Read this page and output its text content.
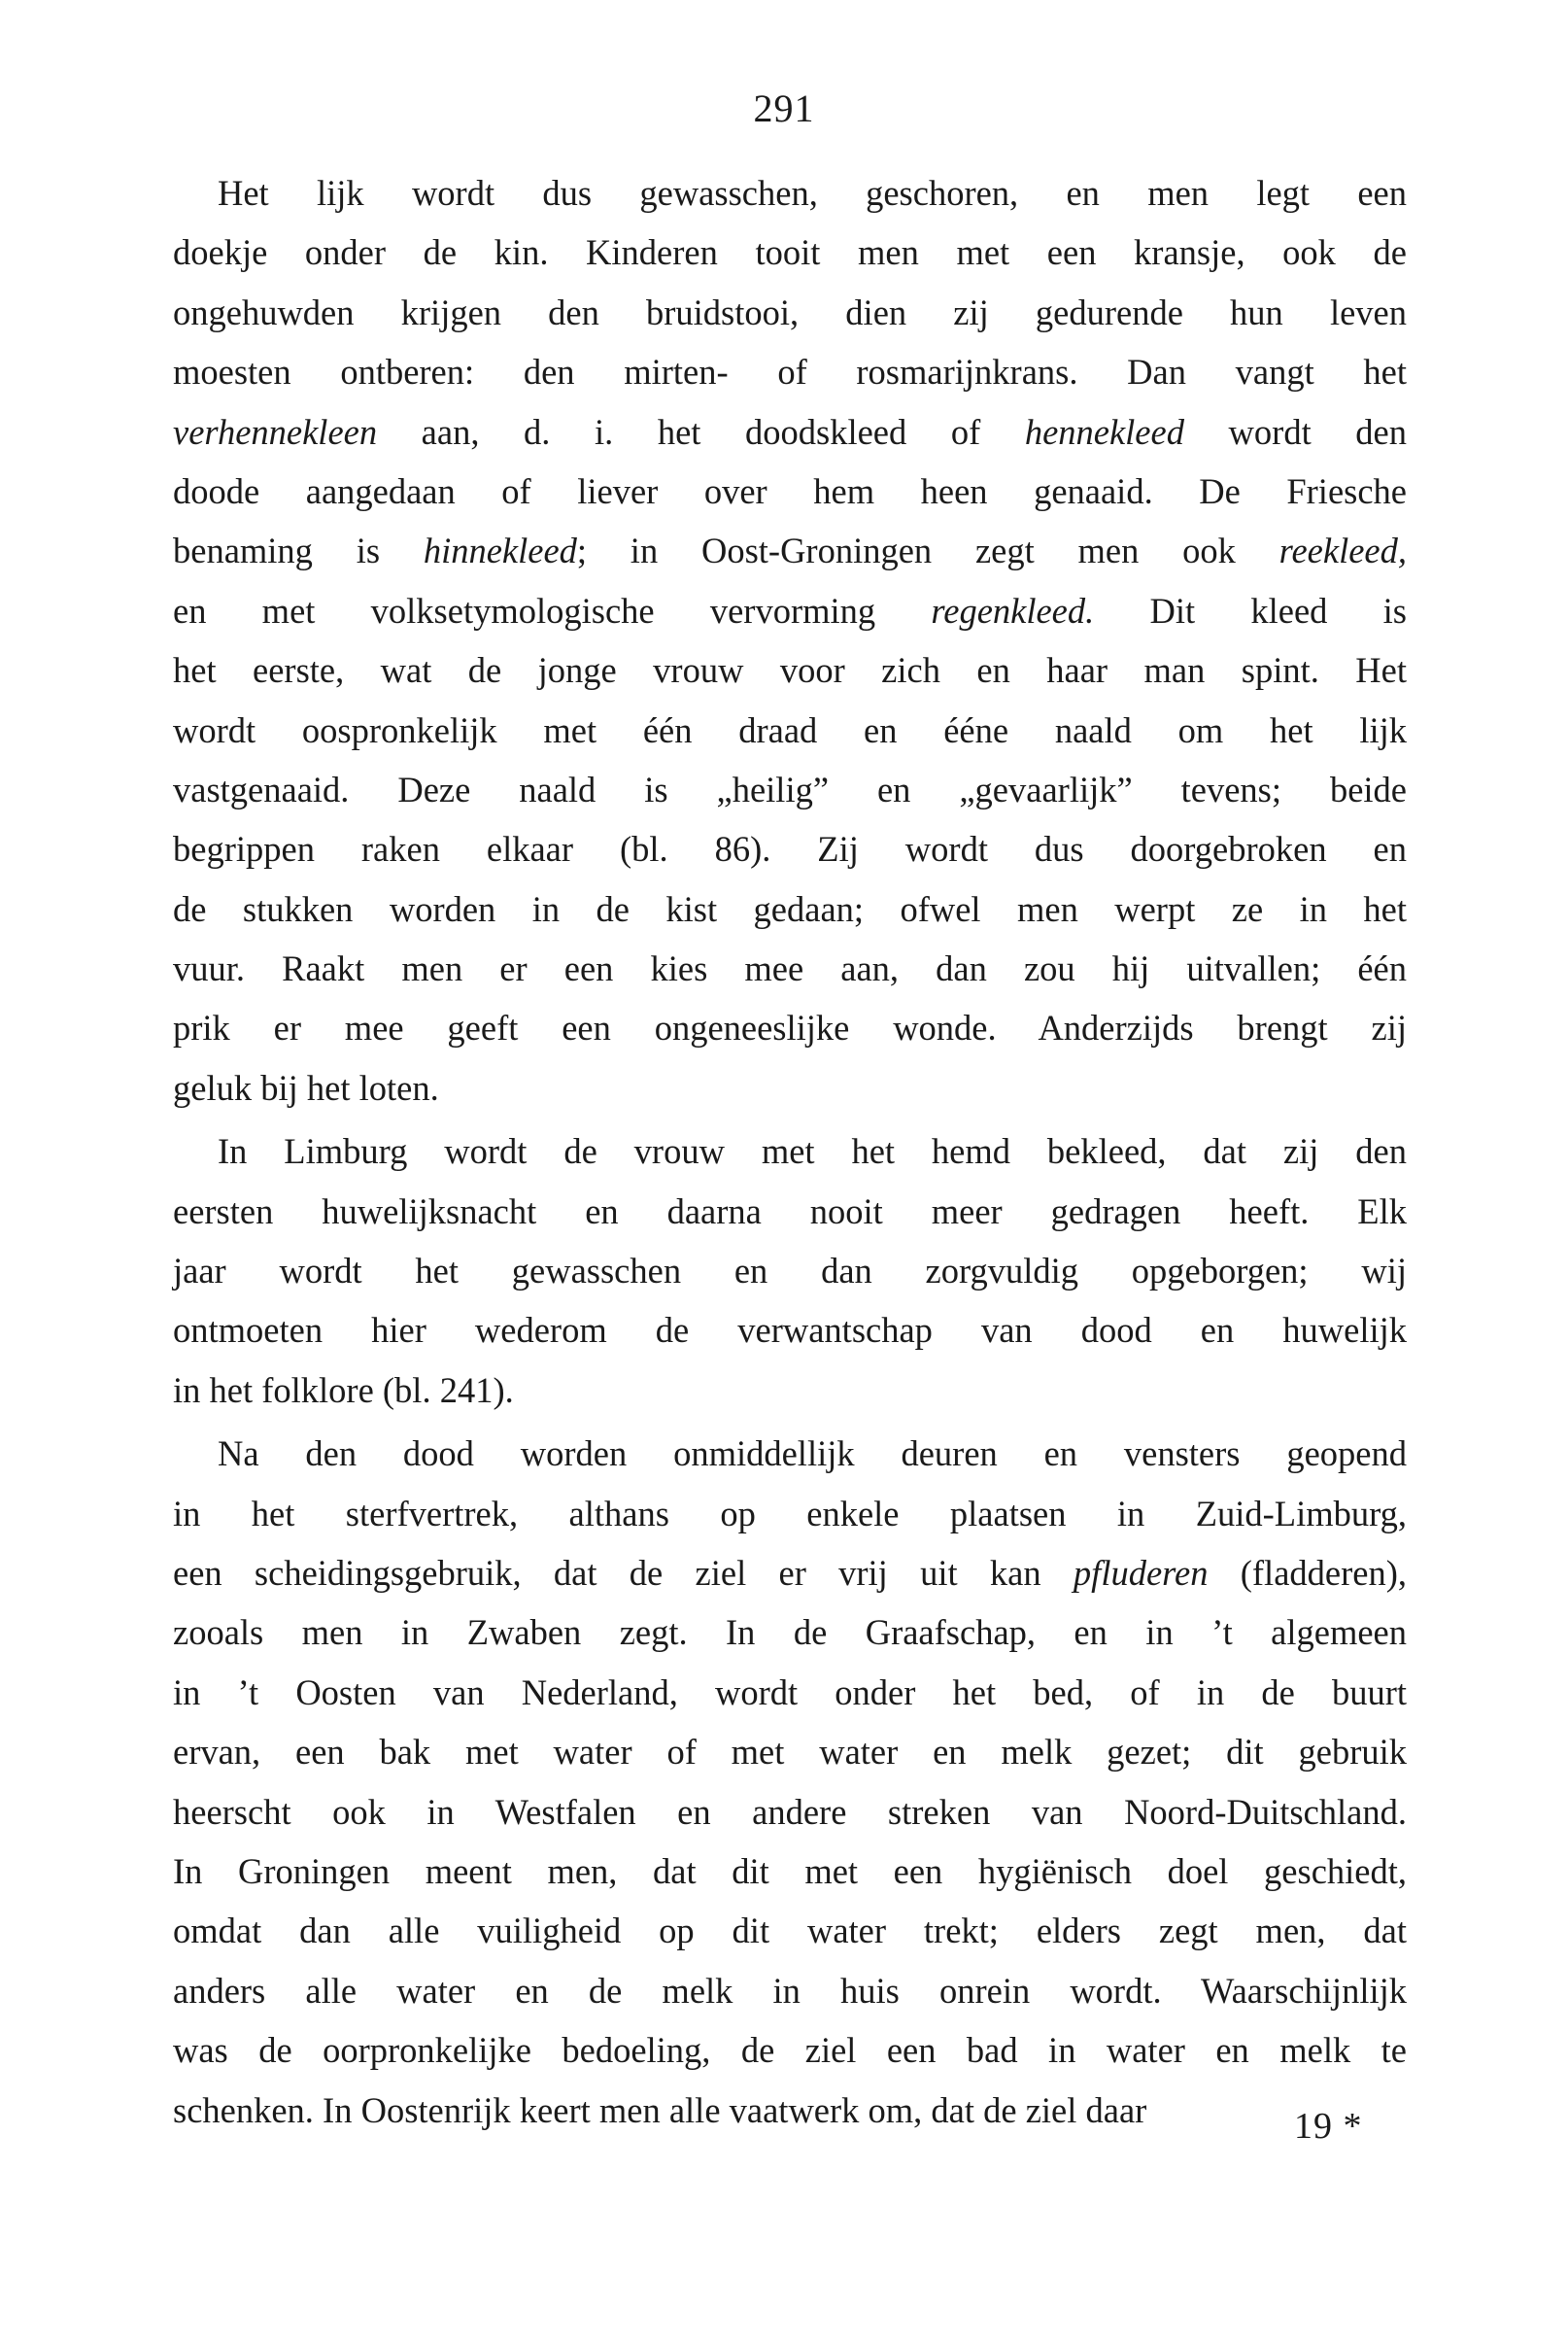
291
Het lijk wordt dus gewasschen, geschoren, en men legt een
doekje onder de kin. Kinderen tooit men met een kransje, ook de
ongehuwden krijgen den bruidstooi, dien zij gedurende hun leven
moesten ontberen: den mirten- of rosmarijnkrans. Dan vangt het
verhennekleen aan, d. i. het doodskleed of hennekleed wordt den
doode aangedaan of liever over hem heen genaaid. De Friesche
benaming is hinnekleed; in Oost-Groningen zegt men ook reekleed,
en met volksetymologische vervorming regenkleed. Dit kleed is
het eerste, wat de jonge vrouw voor zich en haar man spint. Het
wordt oospronkelijk met één draad en ééne naald om het lijk
vastgenaaid. Deze naald is „heilig” en „gevaarlijk” tevens; beide
begrippen raken elkaar (bl. 86). Zij wordt dus doorgebroken en
de stukken worden in de kist gedaan; ofwel men werpt ze in het
vuur. Raakt men er een kies mee aan, dan zou hij uitvallen; één
prik er mee geeft een ongeneeslijke wonde. Anderzijds brengt zij
geluk bij het loten.
In Limburg wordt de vrouw met het hemd bekleed, dat zij den
eersten huwelijksnacht en daarna nooit meer gedragen heeft. Elk
jaar wordt het gewasschen en dan zorgvuldig opgeborgen; wij
ontmoeten hier wederom de verwantschap van dood en huwelijk
in het folklore (bl. 241).
Na den dood worden onmiddellijk deuren en vensters geopend
in het sterfvertrek, althans op enkele plaatsen in Zuid-Limburg,
een scheidingsgebruik, dat de ziel er vrij uit kan pfluderen (fladderen),
zooals men in Zwaben zegt. In de Graafschap, en in ’t algemeen
in ’t Oosten van Nederland, wordt onder het bed, of in de buurt
ervan, een bak met water of met water en melk gezet; dit gebruik
heerscht ook in Westfalen en andere streken van Noord-Duitschland.
In Groningen meent men, dat dit met een hygiënisch doel geschiedt,
omdat dan alle vuiligheid op dit water trekt; elders zegt men, dat
anders alle water en de melk in huis onrein wordt. Waarschijnlijk
was de oorpronkelijke bedoeling, de ziel een bad in water en melk te
schenken. In Oostenrijk keert men alle vaatwerk om, dat de ziel daar	19 *
